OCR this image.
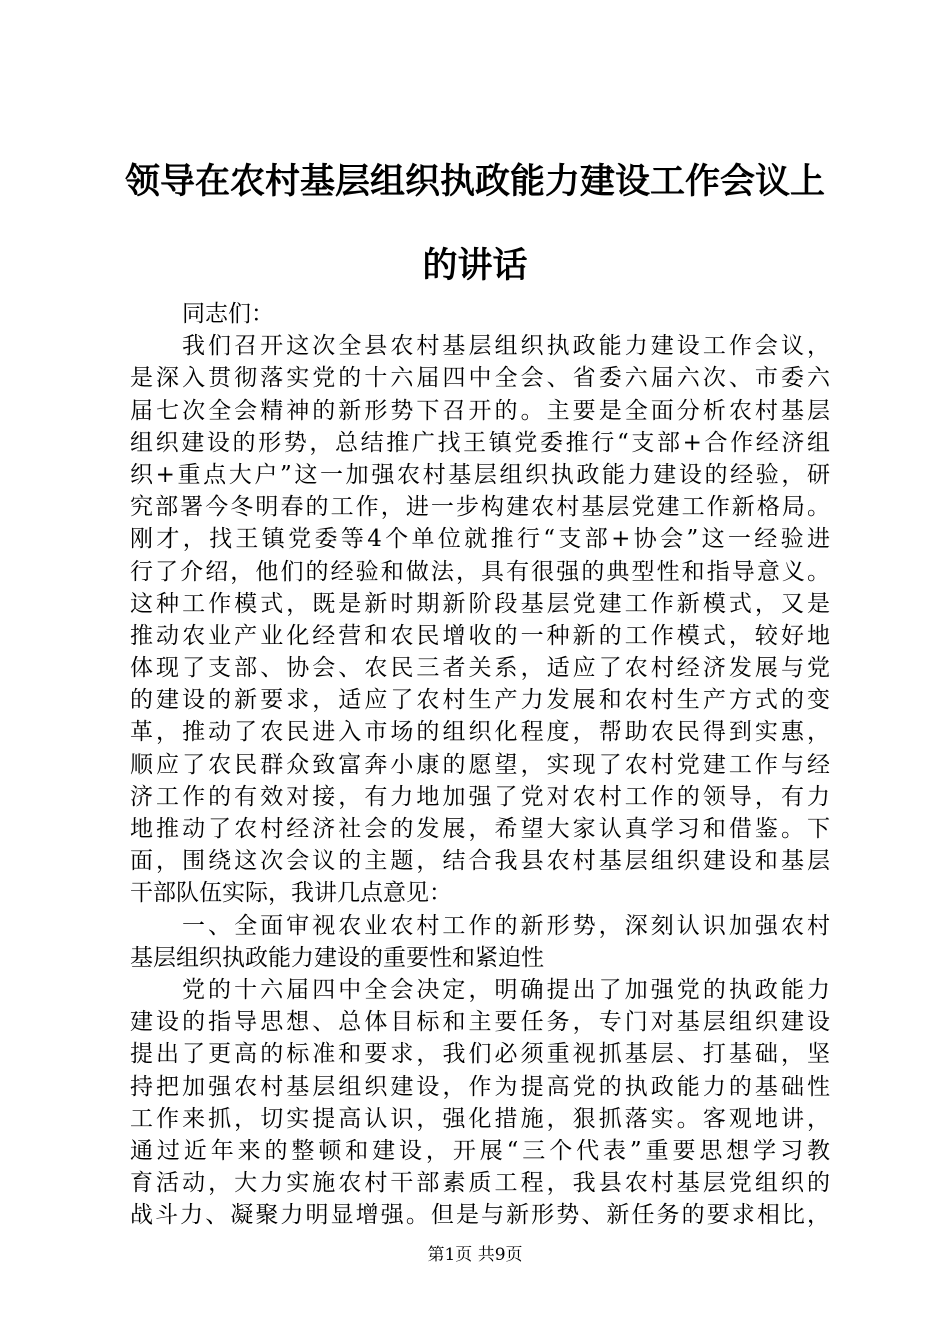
领导在农村基层组织执政能力建设工作会议上
的讲话
同志们：
我们召开这次全县农村基层组织执政能力建设工作会议，
是深入贯彻落实党的十六届四中全会、省委六届六次、市委六
届七次全会精神的新形势下召开的。主要是全面分析农村基层
组织建设的形势，总结推广找王镇党委推行“支部+合作经济组
织+重点大户”这一加强农村基层组织执政能力建设的经验，研
究部署今冬明春的工作，进一步构建农村基层党建工作新格局。
刚才，找王镇党委等4个单位就推行“支部+协会”这一经验进
行了介绍，他们的经验和做法，具有很强的典型性和指导意义。
这种工作模式，既是新时期新阶段基层党建工作新模式，又是
推动农业产业化经营和农民增收的一种新的工作模式，较好地
体现了支部、协会、农民三者关系，适应了农村经济发展与党
的建设的新要求，适应了农村生产力发展和农村生产方式的变
革，推动了农民进入市场的组织化程度，帮助农民得到实惠，
顺应了农民群众致富奔小康的愿望，实现了农村党建工作与经
济工作的有效对接，有力地加强了党对农村工作的领导，有力
地推动了农村经济社会的发展，希望大家认真学习和借鉴。下
面，围绕这次会议的主题，结合我县农村基层组织建设和基层
干部队伍实际，我讲几点意见：
一、全面审视农业农村工作的新形势，深刻认识加强农村
基层组织执政能力建设的重要性和紧迫性
党的十六届四中全会决定，明确提出了加强党的执政能力
建设的指导思想、总体目标和主要任务，专门对基层组织建设
提出了更高的标准和要求，我们必须重视抓基层、打基础，坚
持把加强农村基层组织建设，作为提高党的执政能力的基础性
工作来抓，切实提高认识，强化措施，狠抓落实。客观地讲，
通过近年来的整顿和建设，开展“三个代表”重要思想学习教
育活动，大力实施农村干部素质工程，我县农村基层党组织的
战斗力、凝聚力明显增强。但是与新形势、新任务的要求相比，
第1页 共9页
